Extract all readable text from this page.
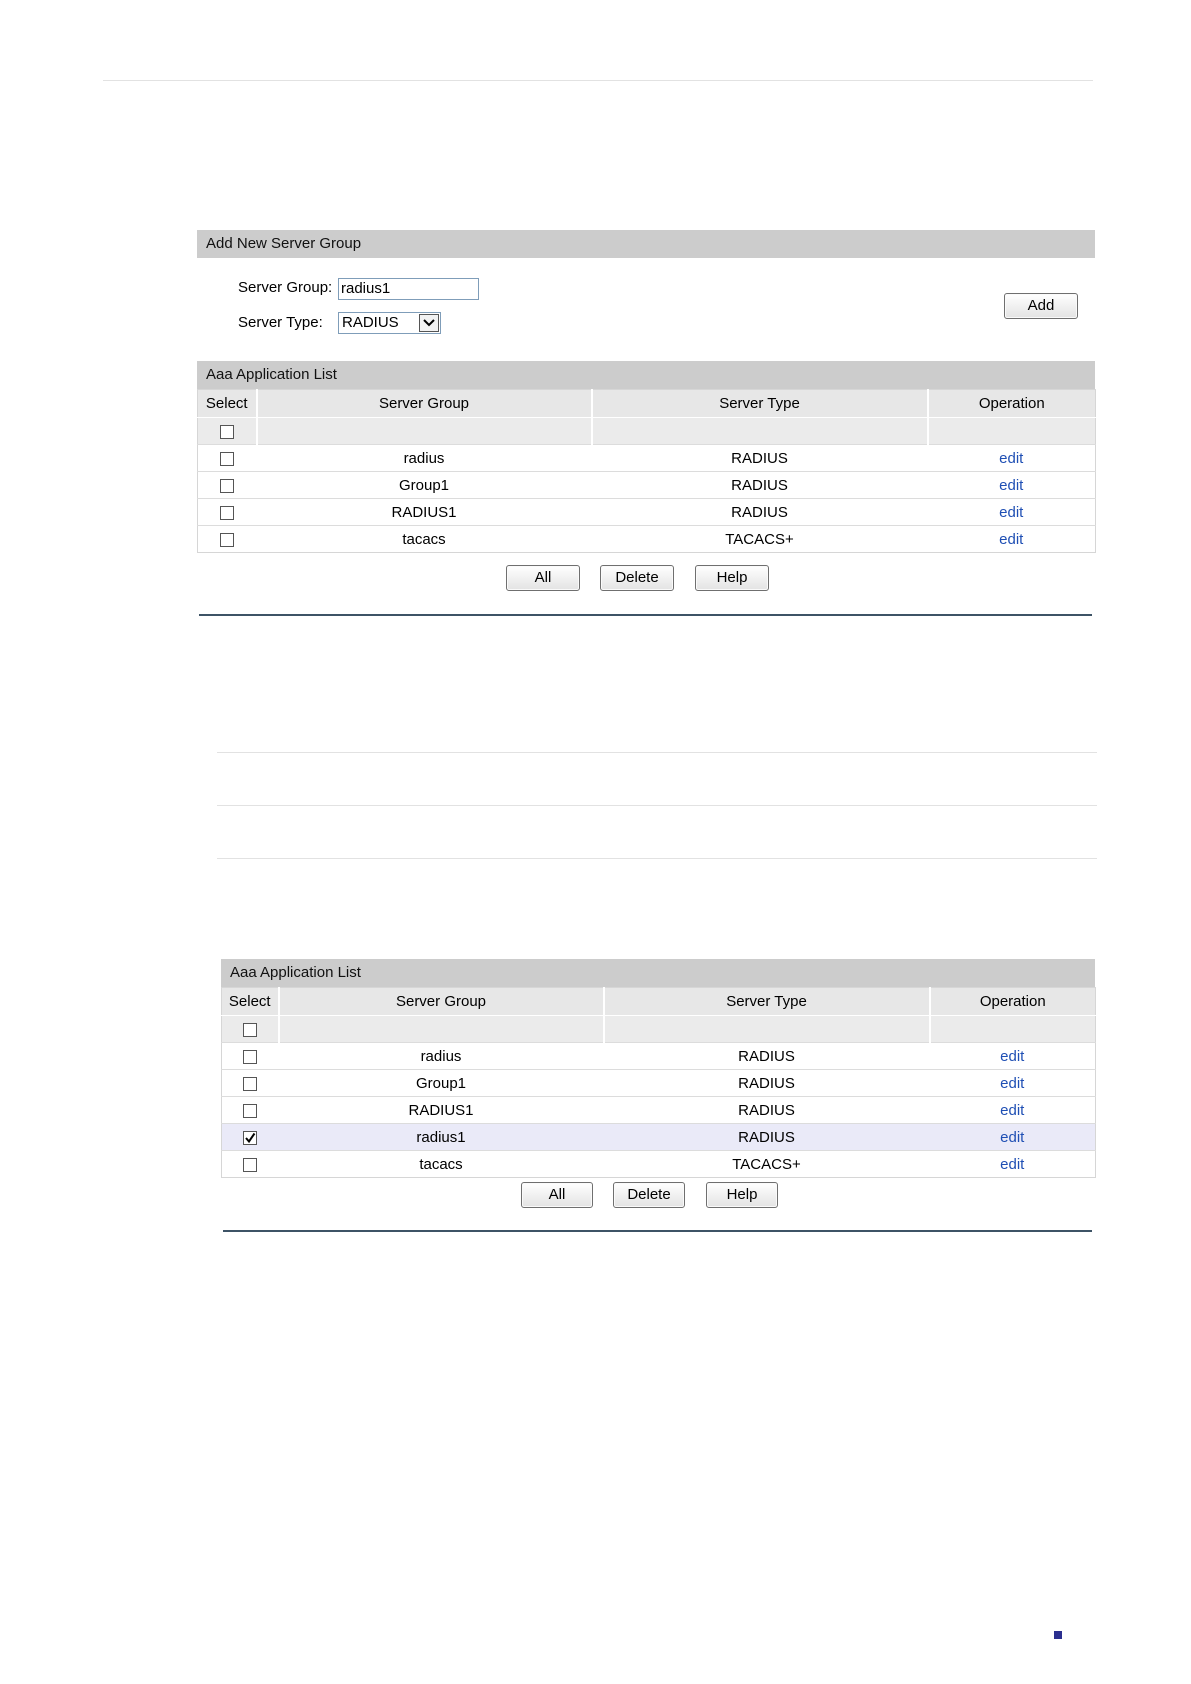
Add New Server Group
Server Group: radius1
Server Type: RADIUS
Add
Aaa Application List
Select	Server Group	Server Type	Operation

	radius	RADIUS	edit
	Group1	RADIUS	edit
	RADIUS1	RADIUS	edit
	tacacs	TACACS+	edit
All	Delete	Help
Aaa Application List
Select	Server Group	Server Type	Operation

	radius	RADIUS	edit
	Group1	RADIUS	edit
	RADIUS1	RADIUS	edit

	radius1	RADIUS	edit
	tacacs	TACACS+	edit
All	Delete	Help
